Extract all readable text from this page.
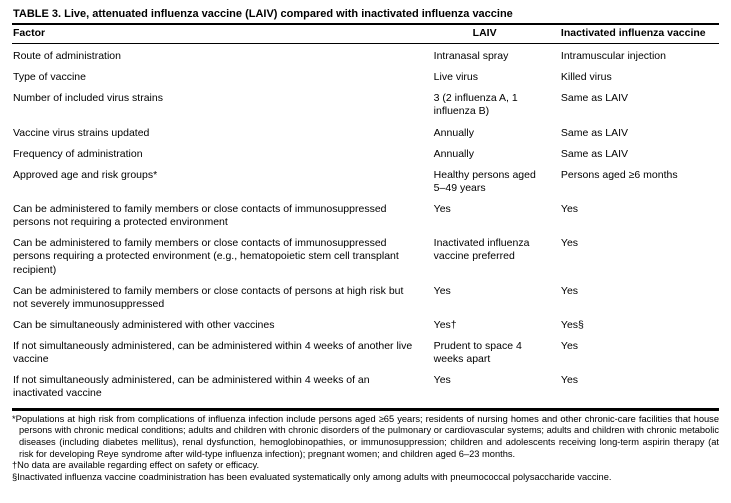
TABLE 3. Live, attenuated influenza vaccine (LAIV) compared with inactivated influenza vaccine
Factor	LAIV	Inactivated influenza vaccine
Route of administration	Intranasal spray	Intramuscular injection
Type of vaccine	Live virus	Killed virus
Number of included virus strains	3 (2 influenza A, 1 influenza B)	Same as LAIV
Vaccine virus strains updated	Annually	Same as LAIV
Frequency of administration	Annually	Same as LAIV
Approved age and risk groups*	Healthy persons aged 5–49 years	Persons aged ≥6 months
Can be administered to family members or close contacts of immunosuppressed persons not requiring a protected environment	Yes	Yes
Can be administered to family members or close contacts of immunosuppressed persons requiring a protected environment (e.g., hematopoietic stem cell transplant recipient)	Inactivated influenza vaccine preferred	Yes
Can be administered to family members or close contacts of persons at high risk but not severely immunosuppressed	Yes	Yes
Can be simultaneously administered with other vaccines	Yes†	Yes§
If not simultaneously administered, can be administered within 4 weeks of another live vaccine	Prudent to space 4 weeks apart	Yes
If not simultaneously administered, can be administered within 4 weeks of an inactivated vaccine	Yes	Yes
*Populations at high risk from complications of influenza infection include persons aged ≥65 years; residents of nursing homes and other chronic-care facilities that house persons with chronic medical conditions; adults and children with chronic disorders of the pulmonary or cardiovascular systems; adults and children with chronic metabolic diseases (including diabetes mellitus), renal dysfunction, hemoglobinopathies, or immunosuppression; children and adolescents receiving long-term aspirin therapy (at risk for developing Reye syndrome after wild-type influenza infection); pregnant women; and children aged 6–23 months.
†No data are available regarding effect on safety or efficacy.
§Inactivated influenza vaccine coadministration has been evaluated systematically only among adults with pneumococcal polysaccharide vaccine.
